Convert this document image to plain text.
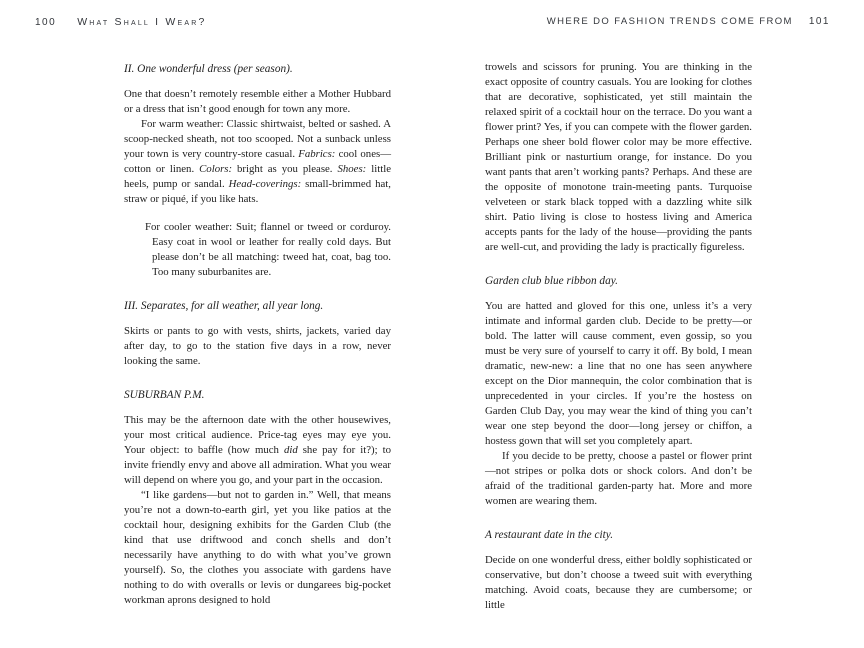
100 What Shall I Wear?	WHERE DO FASHION TRENDS COME FROM 101
II. One wonderful dress (per season).
One that doesn’t remotely resemble either a Mother Hubbard or a dress that isn’t good enough for town any more.
For warm weather: Classic shirtwaist, belted or sashed. A scoop-necked sheath, not too scooped. Not a sunback unless your town is very country-store casual. Fabrics: cool ones—cotton or linen. Colors: bright as you please. Shoes: little heels, pump or sandal. Head-coverings: small-brimmed hat, straw or piqué, if you like hats.
For cooler weather: Suit; flannel or tweed or corduroy. Easy coat in wool or leather for really cold days. But please don’t be all matching: tweed hat, coat, bag too. Too many suburbanites are.
III. Separates, for all weather, all year long.
Skirts or pants to go with vests, shirts, jackets, varied day after day, to go to the station five days in a row, never looking the same.
SUBURBAN P.M.
This may be the afternoon date with the other housewives, your most critical audience. Price-tag eyes may eye you. Your object: to baffle (how much did she pay for it?); to invite friendly envy and above all admiration. What you wear will depend on where you go, and your part in the occasion.
“I like gardens—but not to garden in.” Well, that means you’re not a down-to-earth girl, yet you like patios at the cocktail hour, designing exhibits for the Garden Club (the kind that use driftwood and conch shells and don’t necessarily have anything to do with what you’ve grown yourself). So, the clothes you associate with gardens have nothing to do with overalls or levis or dungarees big-pocket workman aprons designed to hold
trowels and scissors for pruning. You are thinking in the exact opposite of country casuals. You are looking for clothes that are decorative, sophisticated, yet still maintain the relaxed spirit of a cocktail hour on the terrace. Do you want a flower print? Yes, if you can compete with the flower garden. Perhaps one sheer bold flower color may be more effective. Brilliant pink or nasturtium orange, for instance. Do you want pants that aren’t working pants? Perhaps. And these are the opposite of monotone train-meeting pants. Turquoise velveteen or stark black topped with a dazzling white silk shirt. Patio living is close to hostess living and America accepts pants for the lady of the house—providing the pants are well-cut, and providing the lady is practically figureless.
Garden club blue ribbon day.
You are hatted and gloved for this one, unless it’s a very intimate and informal garden club. Decide to be pretty—or bold. The latter will cause comment, even gossip, so you must be very sure of yourself to carry it off. By bold, I mean dramatic, new-new: a line that no one has seen anywhere except on the Dior mannequin, the color combination that is unprecedented in your circles. If you’re the hostess on Garden Club Day, you may wear the kind of thing you can’t wear one step beyond the door—long jersey or chiffon, a hostess gown that will set you completely apart.
If you decide to be pretty, choose a pastel or flower print—not stripes or polka dots or shock colors. And don’t be afraid of the traditional garden-party hat. More and more women are wearing them.
A restaurant date in the city.
Decide on one wonderful dress, either boldly sophisticated or conservative, but don’t choose a tweed suit with everything matching. Avoid coats, because they are cumbersome; or little
